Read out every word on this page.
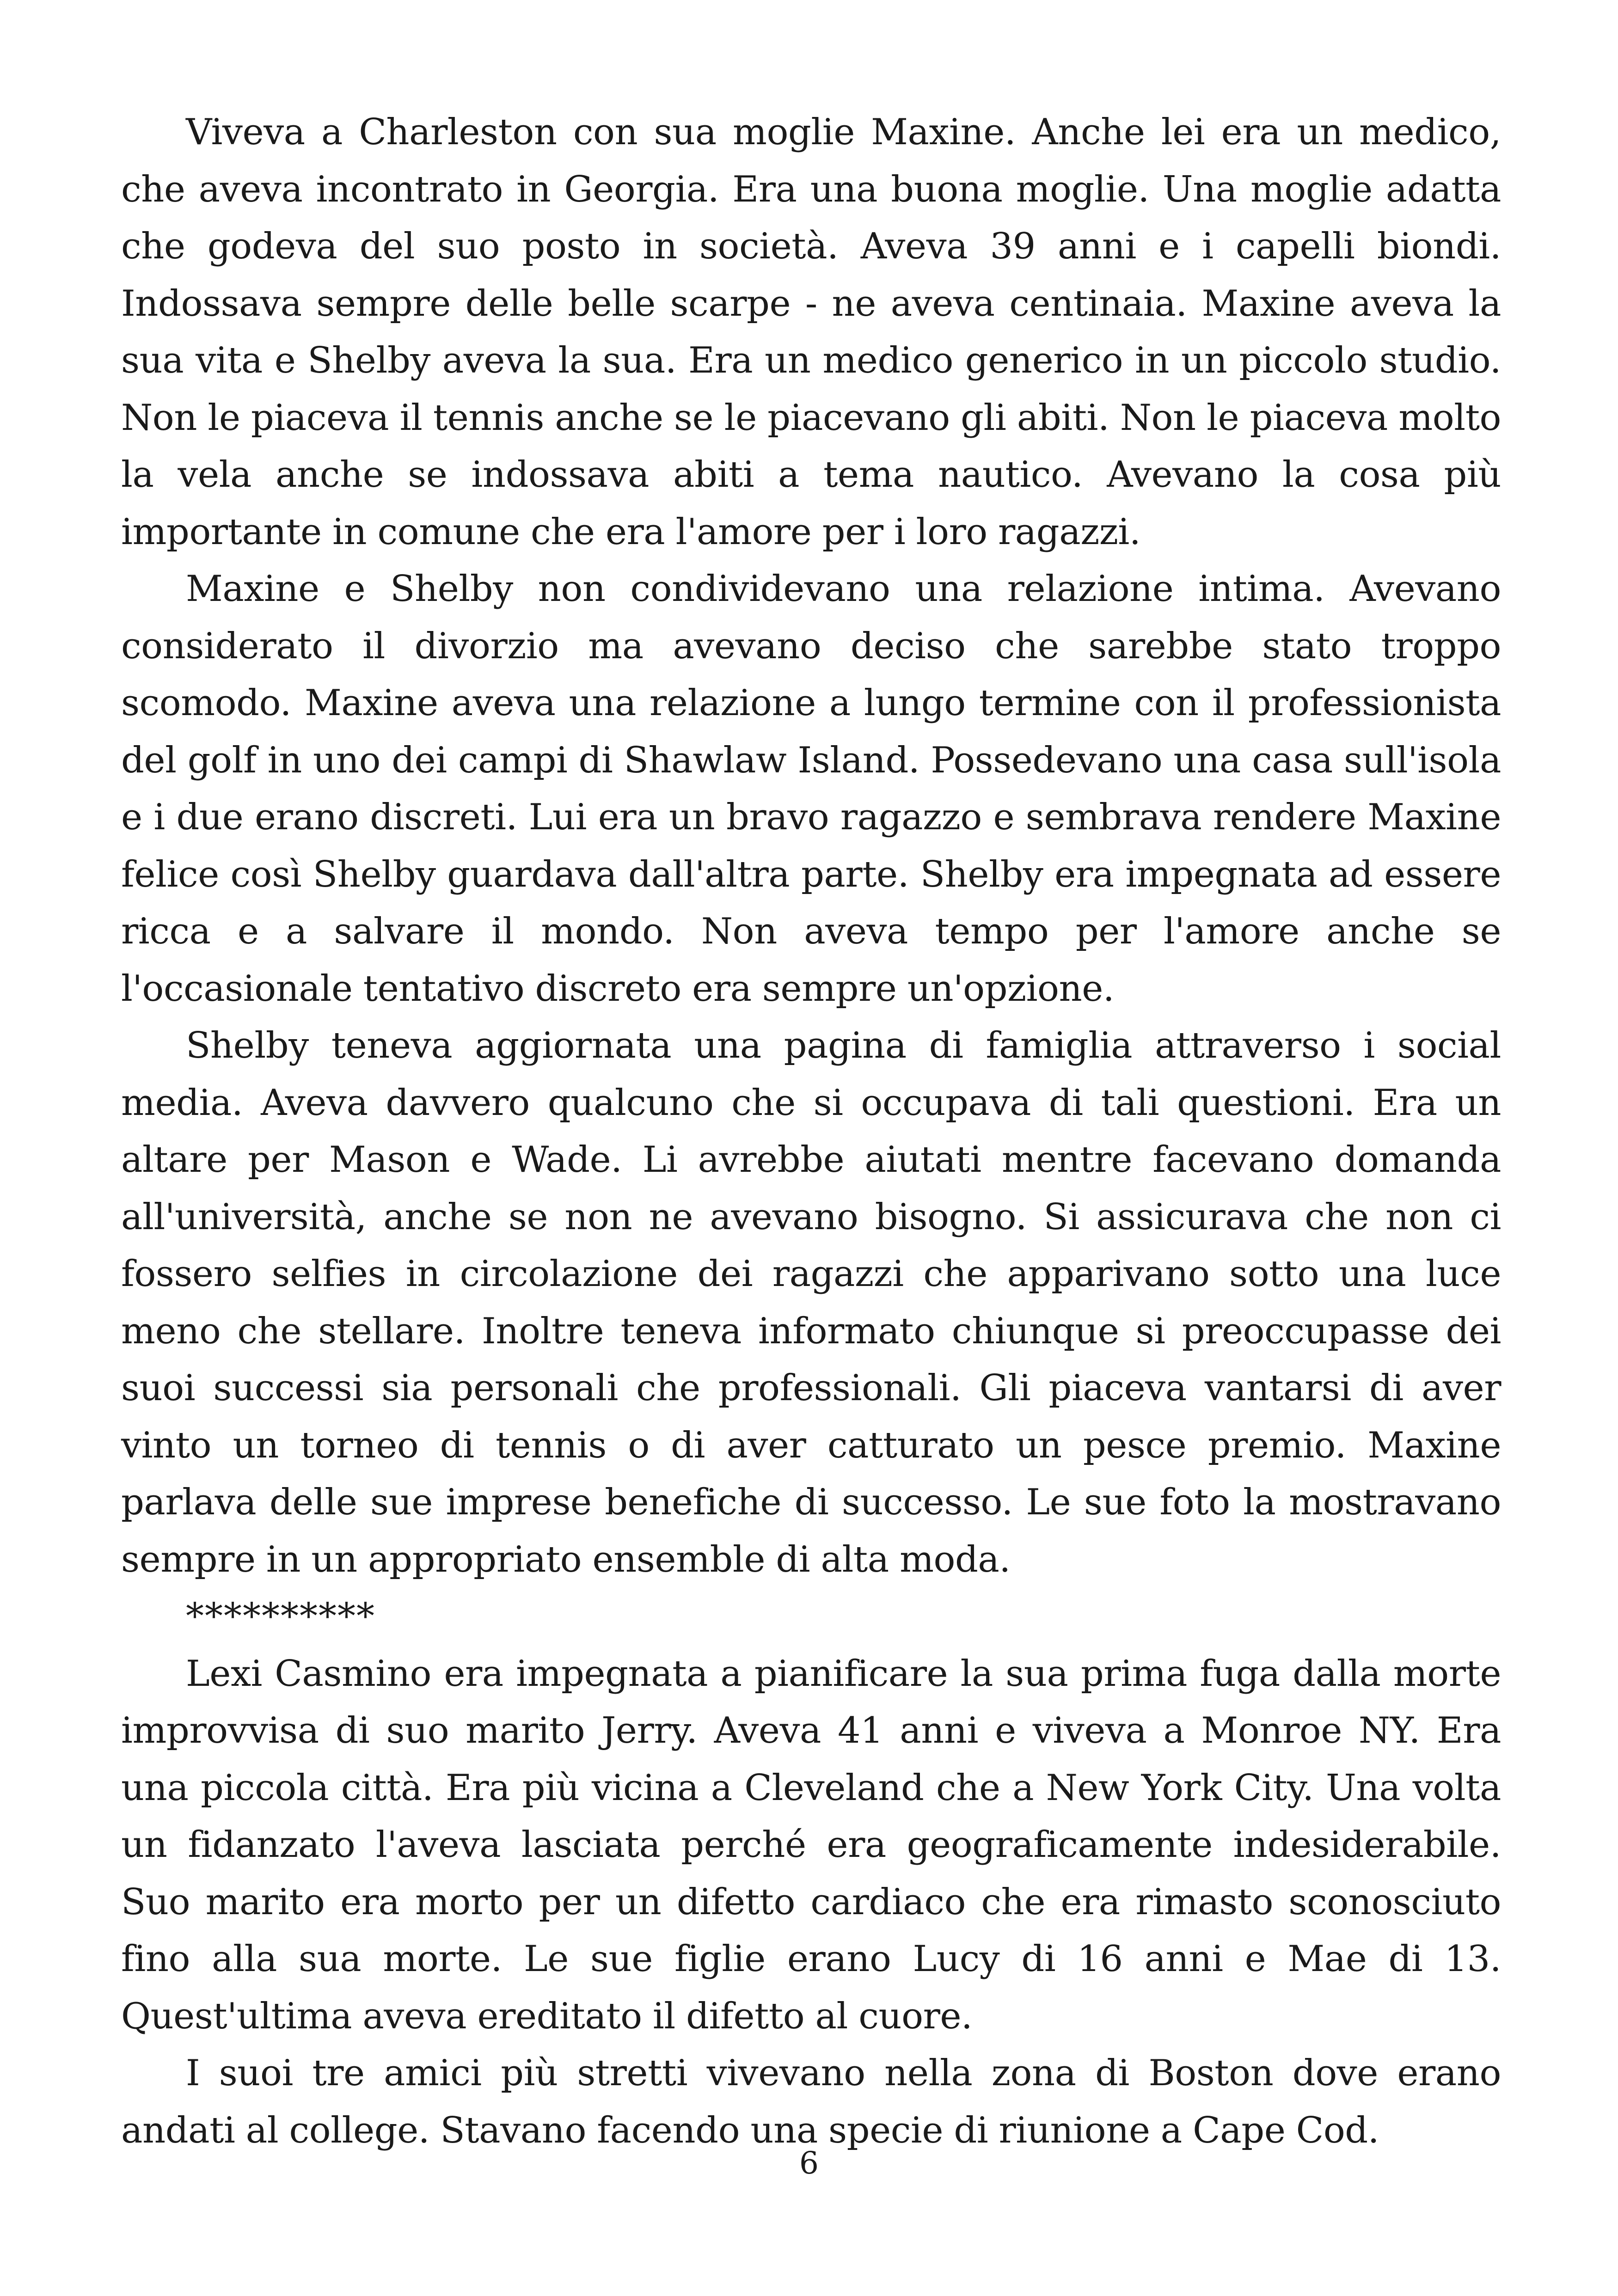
Viveva a Charleston con sua moglie Maxine. Anche lei era un medico, che aveva incontrato in Georgia. Era una buona moglie. Una moglie adatta che godeva del suo posto in società. Aveva 39 anni e i capelli biondi. Indossava sempre delle belle scarpe - ne aveva centinaia. Maxine aveva la sua vita e Shelby aveva la sua. Era un medico generico in un piccolo studio. Non le piaceva il tennis anche se le piacevano gli abiti. Non le piaceva molto la vela anche se indossava abiti a tema nautico. Avevano la cosa più importante in comune che era l'amore per i loro ragazzi.

Maxine e Shelby non condividevano una relazione intima. Avevano considerato il divorzio ma avevano deciso che sarebbe stato troppo scomodo. Maxine aveva una relazione a lungo termine con il professionista del golf in uno dei campi di Shawlaw Island. Possedevano una casa sull'isola e i due erano discreti. Lui era un bravo ragazzo e sembrava rendere Maxine felice così Shelby guardava dall'altra parte. Shelby era impegnata ad essere ricca e a salvare il mondo. Non aveva tempo per l'amore anche se l'occasionale tentativo discreto era sempre un'opzione.

Shelby teneva aggiornata una pagina di famiglia attraverso i social media. Aveva davvero qualcuno che si occupava di tali questioni. Era un altare per Mason e Wade. Li avrebbe aiutati mentre facevano domanda all'università, anche se non ne avevano bisogno. Si assicurava che non ci fossero selfies in circolazione dei ragazzi che apparivano sotto una luce meno che stellare. Inoltre teneva informato chiunque si preoccupasse dei suoi successi sia personali che professionali. Gli piaceva vantarsi di aver vinto un torneo di tennis o di aver catturato un pesce premio. Maxine parlava delle sue imprese benefiche di successo. Le sue foto la mostravano sempre in un appropriato ensemble di alta moda.

**********

Lexi Casmino era impegnata a pianificare la sua prima fuga dalla morte improvvisa di suo marito Jerry. Aveva 41 anni e viveva a Monroe NY. Era una piccola città. Era più vicina a Cleveland che a New York City. Una volta un fidanzato l'aveva lasciata perché era geograficamente indesiderabile. Suo marito era morto per un difetto cardiaco che era rimasto sconosciuto fino alla sua morte. Le sue figlie erano Lucy di 16 anni e Mae di 13. Quest'ultima aveva ereditato il difetto al cuore.

I suoi tre amici più stretti vivevano nella zona di Boston dove erano andati al college. Stavano facendo una specie di riunione a Cape Cod.

6
